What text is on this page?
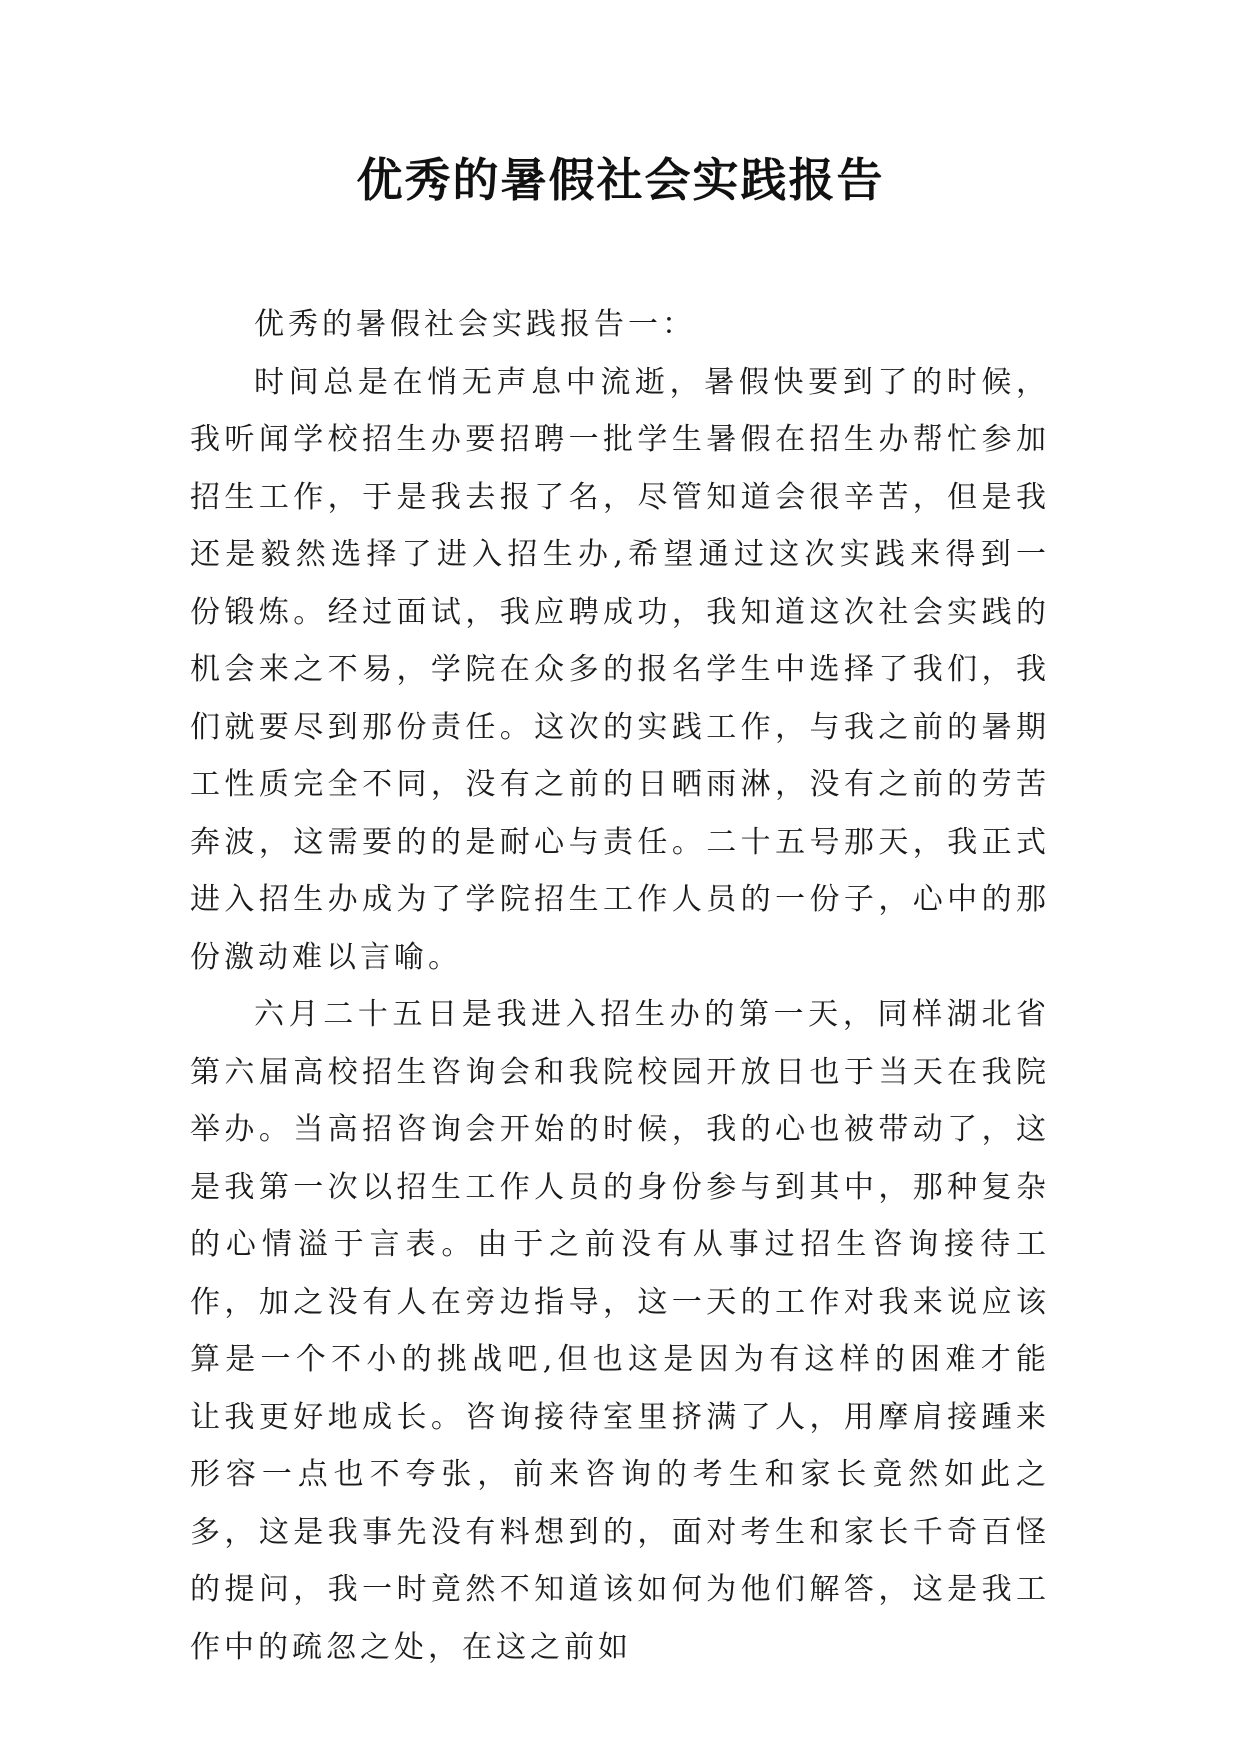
优秀的暑假社会实践报告

优秀的暑假社会实践报告一：

时间总是在悄无声息中流逝，暑假快要到了的时候，我听闻学校招生办要招聘一批学生暑假在招生办帮忙参加招生工作，于是我去报了名，尽管知道会很辛苦，但是我还是毅然选择了进入招生办,希望通过这次实践来得到一份锻炼。经过面试，我应聘成功，我知道这次社会实践的机会来之不易，学院在众多的报名学生中选择了我们，我们就要尽到那份责任。这次的实践工作，与我之前的暑期工性质完全不同，没有之前的日晒雨淋，没有之前的劳苦奔波，这需要的的是耐心与责任。二十五号那天，我正式进入招生办成为了学院招生工作人员的一份子，心中的那份激动难以言喻。

六月二十五日是我进入招生办的第一天，同样湖北省第六届高校招生咨询会和我院校园开放日也于当天在我院举办。当高招咨询会开始的时候，我的心也被带动了，这是我第一次以招生工作人员的身份参与到其中，那种复杂的心情溢于言表。由于之前没有从事过招生咨询接待工作，加之没有人在旁边指导，这一天的工作对我来说应该算是一个不小的挑战吧,但也这是因为有这样的困难才能让我更好地成长。咨询接待室里挤满了人，用摩肩接踵来形容一点也不夸张，前来咨询的考生和家长竟然如此之多，这是我事先没有料想到的，面对考生和家长千奇百怪的提问，我一时竟然不知道该如何为他们解答，这是我工作中的疏忽之处，在这之前如
